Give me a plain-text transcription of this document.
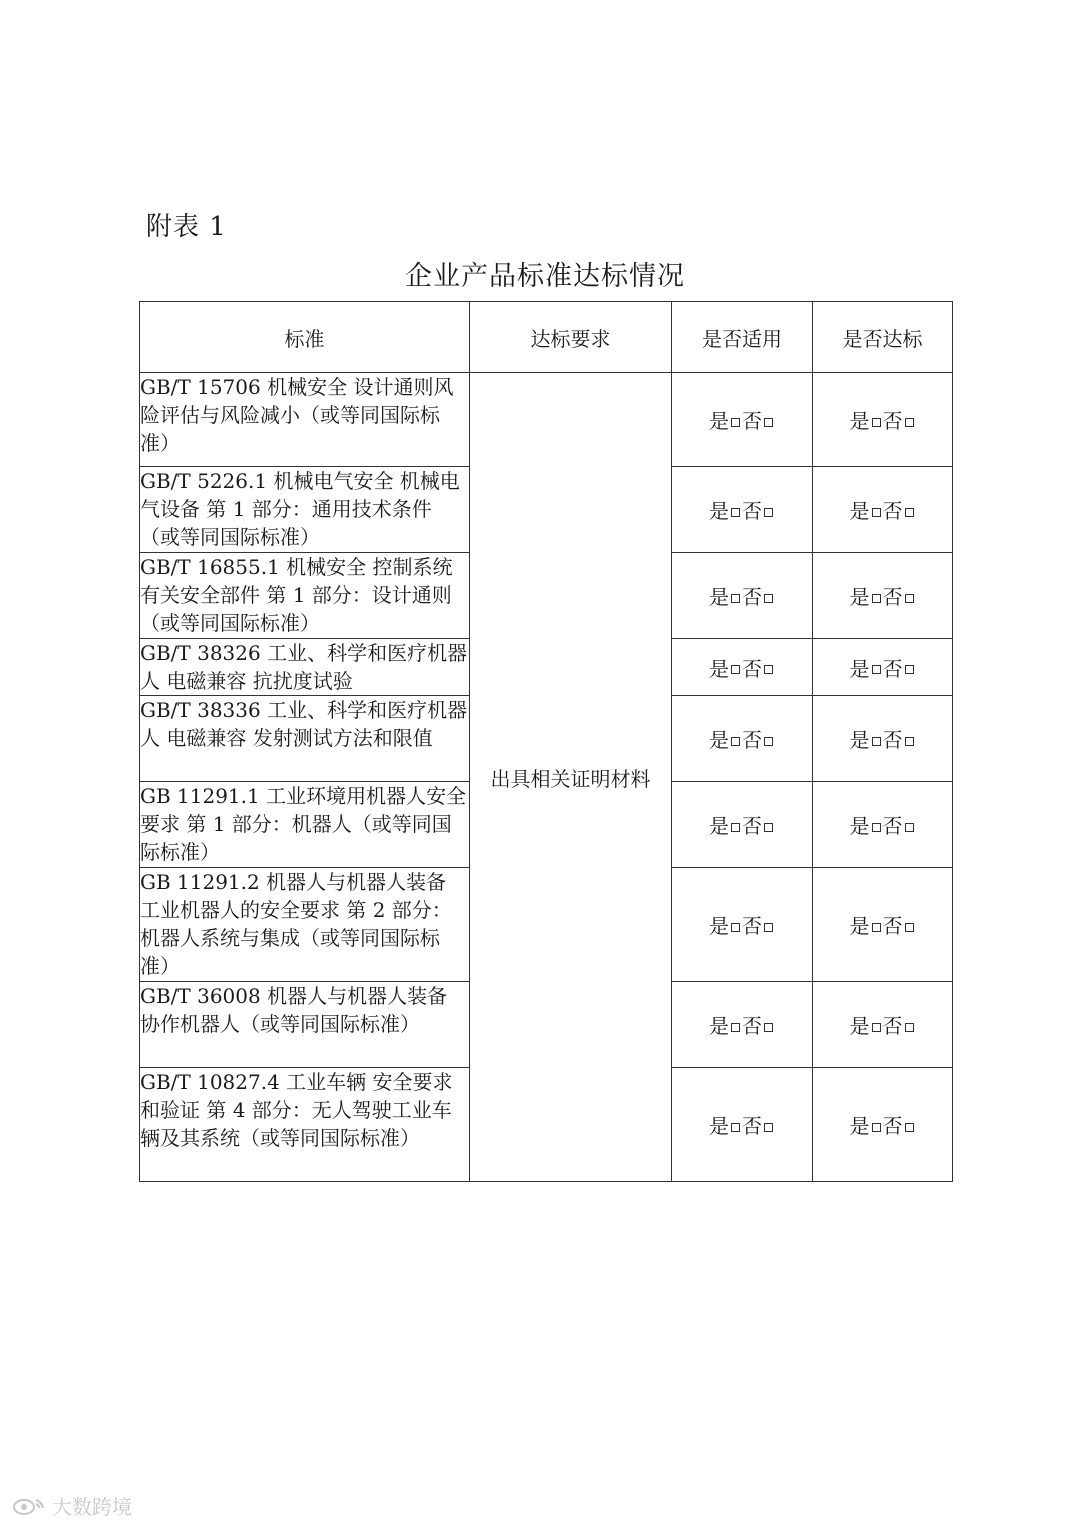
附表 1
企业产品标准达标情况
标准	达标要求	是否适用	是否达标
GB/T 15706 机械安全 设计通则风险评估与风险减小（或等同国际标准）	出具相关证明材料	是 否	是 否
GB/T 5226.1 机械电气安全 机械电气设备 第 1 部分：通用技术条件（或等同国际标准）		是 否	是 否
GB/T 16855.1 机械安全 控制系统有关安全部件 第 1 部分：设计通则（或等同国际标准）		是 否	是 否
GB/T 38326 工业、科学和医疗机器人 电磁兼容 抗扰度试验		是 否	是 否
GB/T 38336 工业、科学和医疗机器人 电磁兼容 发射测试方法和限值		是 否	是 否
GB 11291.1 工业环境用机器人安全要求 第 1 部分：机器人（或等同国际标准）		是 否	是 否
GB 11291.2 机器人与机器人装备 工业机器人的安全要求 第 2 部分：机器人系统与集成（或等同国际标准）		是 否	是 否
GB/T 36008 机器人与机器人装备 协作机器人（或等同国际标准）		是 否	是 否
GB/T 10827.4 工业车辆 安全要求和验证 第 4 部分：无人驾驶工业车辆及其系统（或等同国际标准）		是 否	是 否
大数跨境
